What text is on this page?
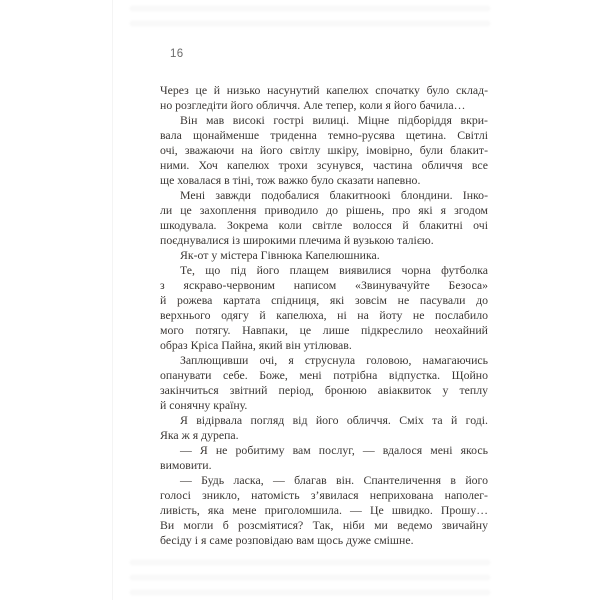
16
Через це й низько насунутий капелюх спочатку було склад-
но розгледіти його обличчя. Але тепер, коли я його бачила…
Він мав високі гострі вилиці. Міцне підборіддя вкри-
вала щонайменше триденна темно-русява щетина. Світлі
очі, зважаючи на його світлу шкіру, імовірно, були блакит-
ними. Хоч капелюх трохи зсунувся, частина обличчя все
ще ховалася в тіні, тож важко було сказати напевно.
Мені завжди подобалися блакитноокі блондини. Інко-
ли це захоплення приводило до рішень, про які я згодом
шкодувала. Зокрема коли світле волосся й блакитні очі
поєднувалися із широкими плечима й вузькою талією.
Як-от у містера Гівнюка Капелюшника.
Те, що під його плащем виявилися чорна футболка
з яскраво-червоним написом «Звинувачуйте Безоса»
й рожева картата спідниця, які зовсім не пасували до
верхнього одягу й капелюха, ні на йоту не послабило
мого потягу. Навпаки, це лише підкреслило неохайний
образ Кріса Пайна, який він утілював.
Заплющивши очі, я струснула головою, намагаючись
опанувати себе. Боже, мені потрібна відпустка. Щойно
закінчиться звітний період, бронюю авіаквиток у теплу
й сонячну країну.
Я відірвала погляд від його обличчя. Сміх та й годі.
Яка ж я дурепа.
— Я не робитиму вам послуг, — вдалося мені якось
вимовити.
— Будь ласка, — благав він. Спантеличення в його
голосі зникло, натомість з’явилася неприхована наполег-
ливість, яка мене приголомшила. — Це швидко. Прошу…
Ви могли б розсміятися? Так, ніби ми ведемо звичайну
бесіду і я саме розповідаю вам щось дуже смішне.
